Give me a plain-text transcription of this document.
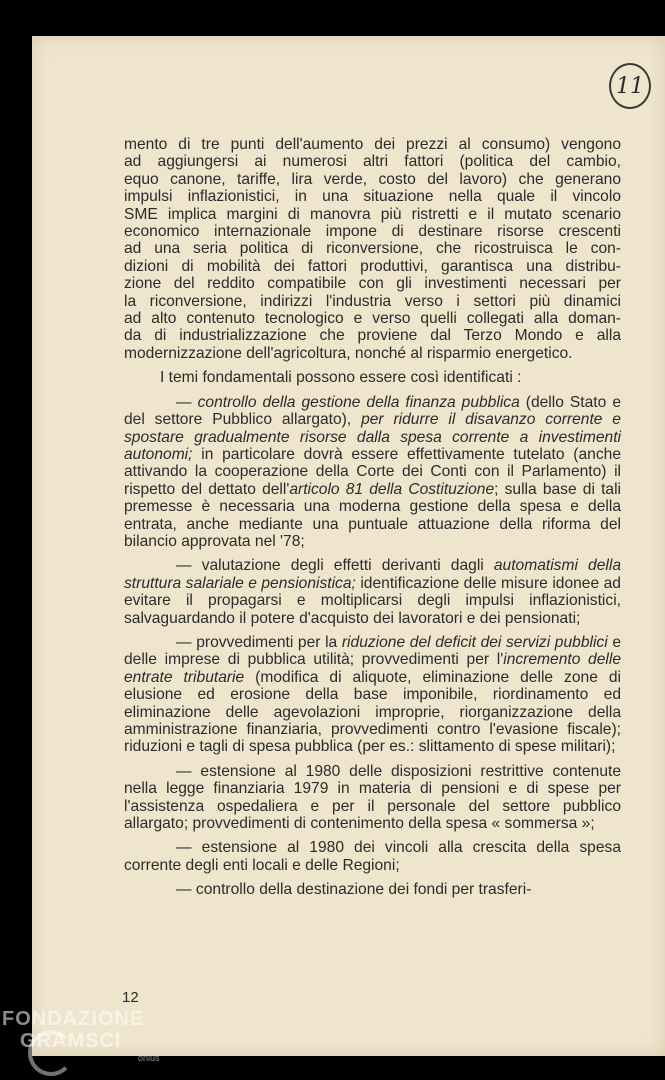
11

mento di tre punti dell'aumento dei prezzi al consumo) vengono
ad aggiungersi ai numerosi altri fattori (politica del cambio,
equo canone, tariffe, lira verde, costo del lavoro) che generano
impulsi inflazionistici, in una situazione nella quale il vincolo
SME implica margini di manovra più ristretti e il mutato scenario
economico internazionale impone di destinare risorse crescenti
ad una seria politica di riconversione, che ricostruisca le con-
dizioni di mobilità dei fattori produttivi, garantisca una distribu-
zione del reddito compatibile con gli investimenti necessari per
la riconversione, indirizzi l'industria verso i settori più dinamici
ad alto contenuto tecnologico e verso quelli collegati alla doman-
da di industrializzazione che proviene dal Terzo Mondo e alla
modernizzazione dell'agricoltura, nonché al risparmio energetico.

I temi fondamentali possono essere così identificati :

— controllo della gestione della finanza pubblica (dello Stato e del settore Pubblico allargato), per ridurre il disavanzo corrente e spostare gradualmente risorse dalla spesa corrente a investimenti autonomi; in particolare dovrà essere effettivamente tutelato (anche attivando la cooperazione della Corte dei Conti con il Parlamento) il rispetto del dettato dell'articolo 81 della Costituzione; sulla base di tali premesse è necessaria una moderna gestione della spesa e della entrata, anche mediante una puntuale attuazione della riforma del bilancio approvata nel '78;

— valutazione degli effetti derivanti dagli automatismi della struttura salariale e pensionistica; identificazione delle misure idonee ad evitare il propagarsi e moltiplicarsi degli impulsi inflazionistici, salvaguardando il potere d'acquisto dei lavoratori e dei pensionati;

— provvedimenti per la riduzione del deficit dei servizi pubblici e delle imprese di pubblica utilità; provvedimenti per l'incremento delle entrate tributarie (modifica di aliquote, eliminazione delle zone di elusione ed erosione della base imponibile, riordinamento ed eliminazione delle agevolazioni improprie, riorganizzazione della amministrazione finanziaria, provvedimenti contro l'evasione fiscale); riduzioni e tagli di spesa pubblica (per es.: slittamento di spese militari);

— estensione al 1980 delle disposizioni restrittive contenute nella legge finanziaria 1979 in materia di pensioni e di spese per l'assistenza ospedaliera e per il personale del settore pubblico allargato; provvedimenti di contenimento della spesa « sommersa »;

— estensione al 1980 dei vincoli alla crescita della spesa corrente degli enti locali e delle Regioni;

— controllo della destinazione dei fondi per trasferi-

12
FONDAZIONE
GRAMSCI
onlus
